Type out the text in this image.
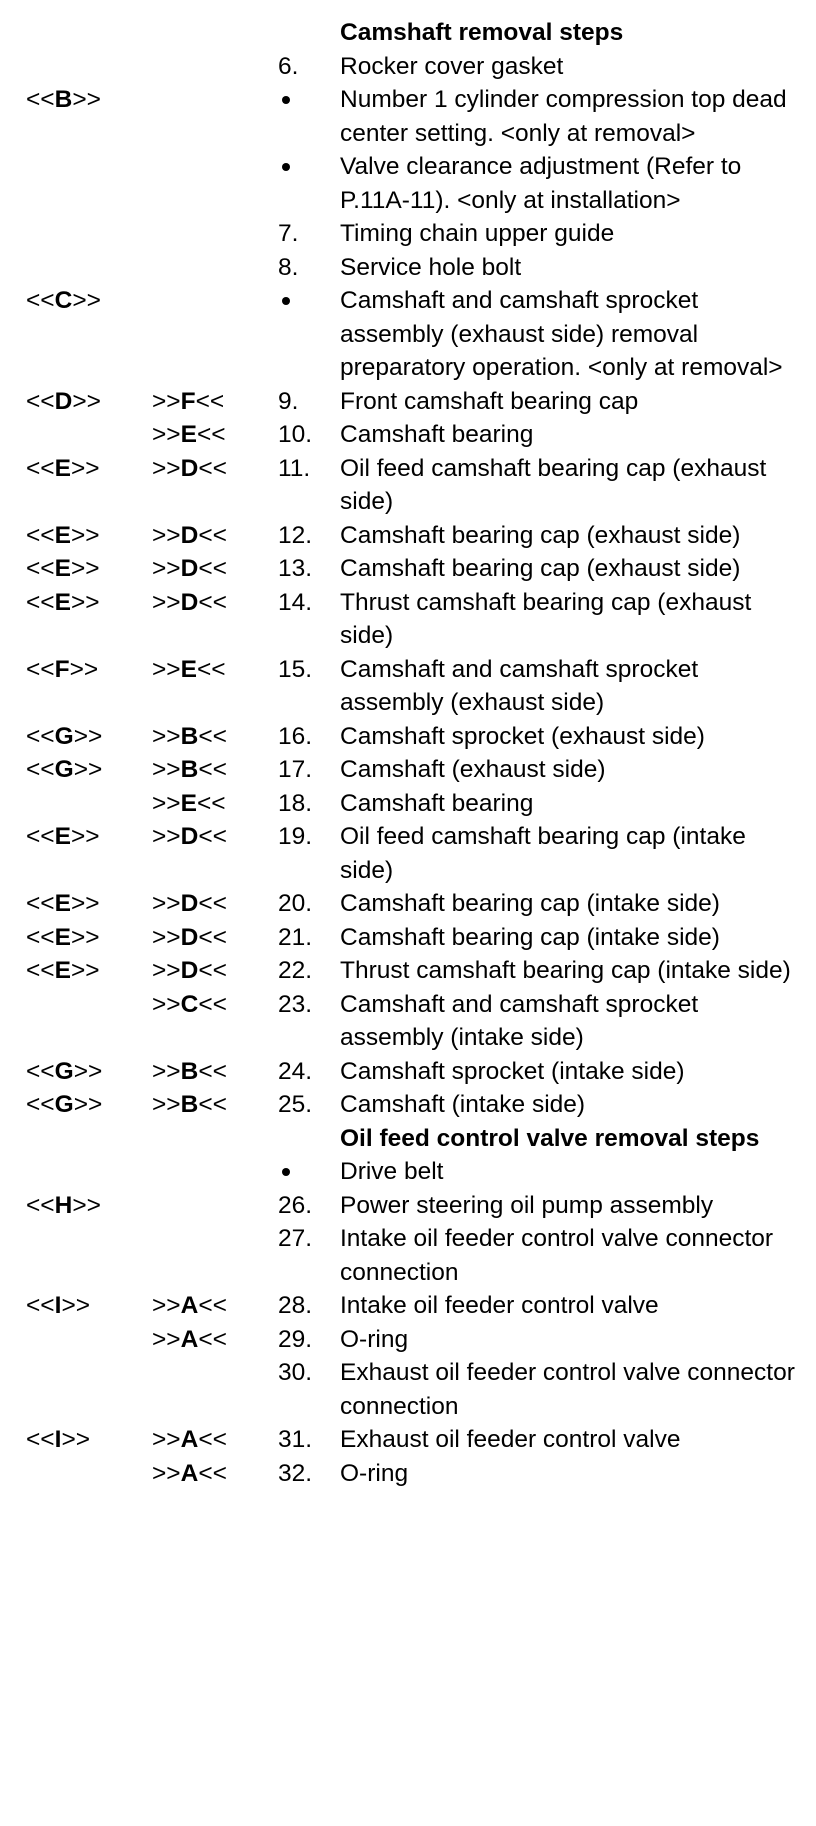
Camshaft removal steps
6. Rocker cover gasket
<<B>>	Number 1 cylinder compression top dead center setting. <only at removal>
Valve clearance adjustment (Refer to P.11A-11). <only at installation>
7. Timing chain upper guide
8. Service hole bolt
<<C>>	Camshaft and camshaft sprocket assembly (exhaust side) removal preparatory operation. <only at removal>
<<D>> >>F<< 9. Front camshaft bearing cap
>>E<< 10. Camshaft bearing
<<E>> >>D<< 11. Oil feed camshaft bearing cap (exhaust side)
<<E>> >>D<< 12. Camshaft bearing cap (exhaust side)
<<E>> >>D<< 13. Camshaft bearing cap (exhaust side)
<<E>> >>D<< 14. Thrust camshaft bearing cap (exhaust side)
<<F>> >>E<< 15. Camshaft and camshaft sprocket assembly (exhaust side)
<<G>> >>B<< 16. Camshaft sprocket (exhaust side)
<<G>> >>B<< 17. Camshaft (exhaust side)
>>E<< 18. Camshaft bearing
<<E>> >>D<< 19. Oil feed camshaft bearing cap (intake side)
<<E>> >>D<< 20. Camshaft bearing cap (intake side)
<<E>> >>D<< 21. Camshaft bearing cap (intake side)
<<E>> >>D<< 22. Thrust camshaft bearing cap (intake side)
>>C<< 23. Camshaft and camshaft sprocket assembly (intake side)
<<G>> >>B<< 24. Camshaft sprocket (intake side)
<<G>> >>B<< 25. Camshaft (intake side)
Oil feed control valve removal steps
Drive belt
<<H>>	26. Power steering oil pump assembly
27. Intake oil feeder control valve connector connection
<<I>>	>>A<< 28. Intake oil feeder control valve
>>A<< 29. O-ring
30. Exhaust oil feeder control valve connector connection
<<I>>	>>A<< 31. Exhaust oil feeder control valve
>>A<< 32. O-ring
